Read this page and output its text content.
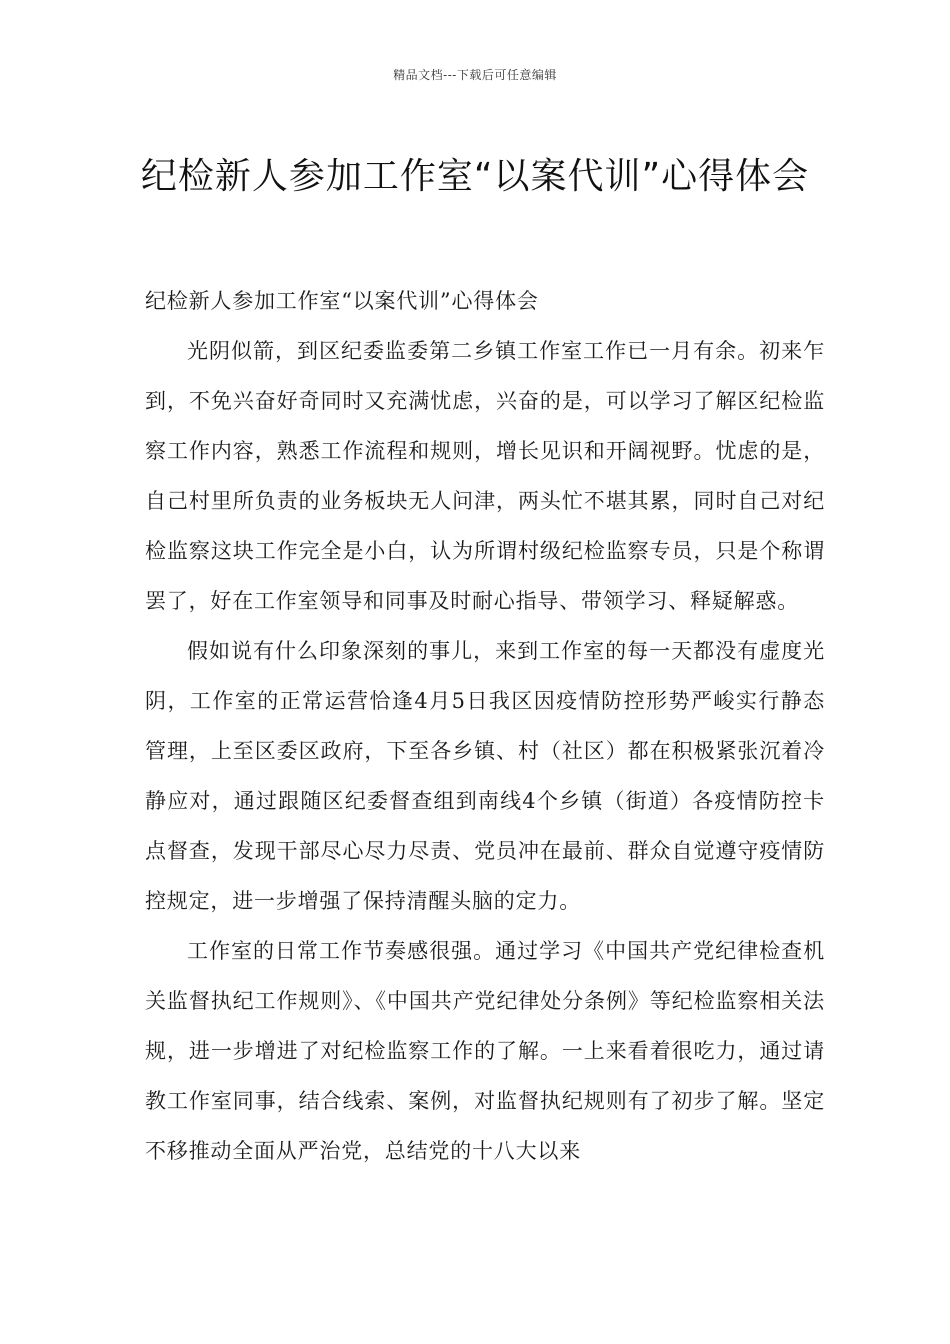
精品文档---下载后可任意编辑
纪检新人参加工作室“以案代训”心得体会

纪检新人参加工作室“以案代训”心得体会

光阴似箭，到区纪委监委第二乡镇工作室工作已一月有余。初来乍到，不免兴奋好奇同时又充满忧虑，兴奋的是，可以学习了解区纪检监察工作内容，熟悉工作流程和规则，增长见识和开阔视野。忧虑的是，自己村里所负责的业务板块无人问津，两头忙不堪其累，同时自己对纪检监察这块工作完全是小白，认为所谓村级纪检监察专员，只是个称谓罢了，好在工作室领导和同事及时耐心指导、带领学习、释疑解惑。

假如说有什么印象深刻的事儿，来到工作室的每一天都没有虚度光阴，工作室的正常运营恰逢4月5日我区因疫情防控形势严峻实行静态管理，上至区委区政府，下至各乡镇、村（社区）都在积极紧张沉着冷静应对，通过跟随区纪委督查组到南线4个乡镇（街道）各疫情防控卡点督查，发现干部尽心尽力尽责、党员冲在最前、群众自觉遵守疫情防控规定，进一步增强了保持清醒头脑的定力。

工作室的日常工作节奏感很强。通过学习《中国共产党纪律检查机关监督执纪工作规则》、《中国共产党纪律处分条例》等纪检监察相关法规，进一步增进了对纪检监察工作的了解。一上来看着很吃力，通过请教工作室同事，结合线索、案例，对监督执纪规则有了初步了解。坚定不移推动全面从严治党，总结党的十八大以来
